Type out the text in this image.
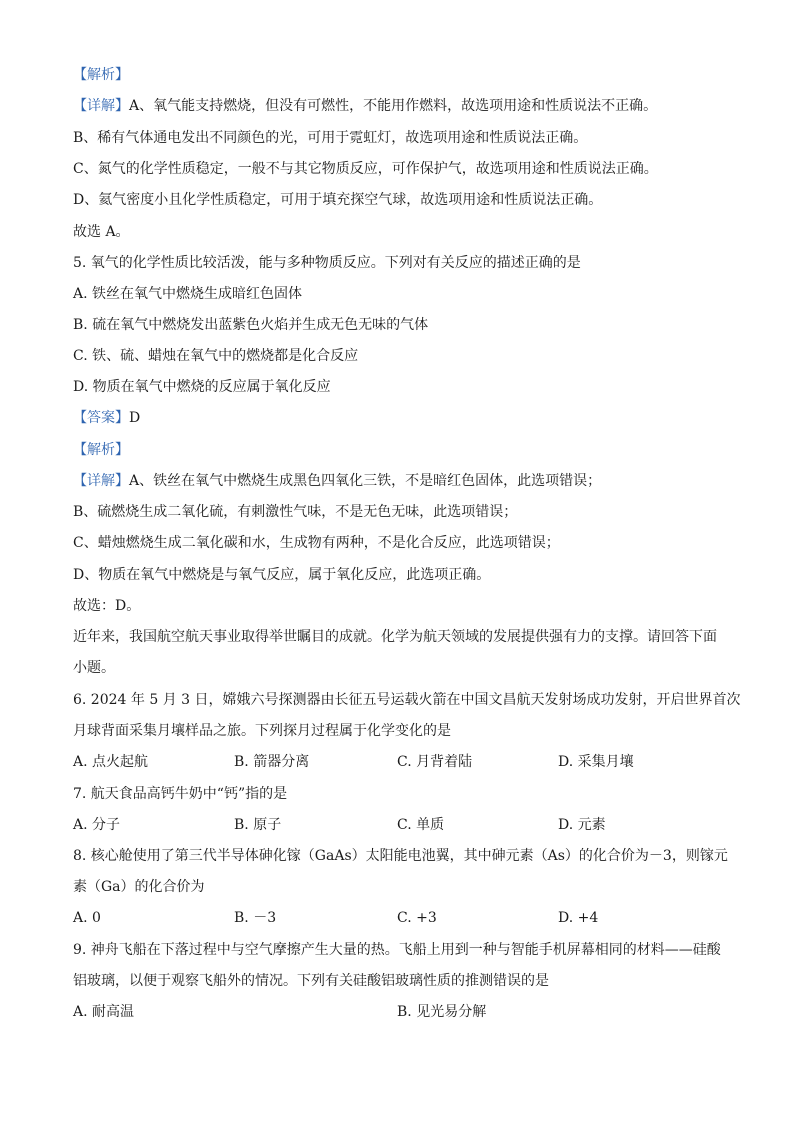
【解析】
【详解】A、氧气能支持燃烧，但没有可燃性，不能用作燃料，故选项用途和性质说法不正确。
B、稀有气体通电发出不同颜色的光，可用于霓虹灯，故选项用途和性质说法正确。
C、氮气的化学性质稳定，一般不与其它物质反应，可作保护气，故选项用途和性质说法正确。
D、氦气密度小且化学性质稳定，可用于填充探空气球，故选项用途和性质说法正确。
故选 A。
5. 氧气的化学性质比较活泼，能与多种物质反应。下列对有关反应的描述正确的是
A. 铁丝在氧气中燃烧生成暗红色固体
B. 硫在氧气中燃烧发出蓝紫色火焰并生成无色无味的气体
C. 铁、硫、蜡烛在氧气中的燃烧都是化合反应
D. 物质在氧气中燃烧的反应属于氧化反应
【答案】D
【解析】
【详解】A、铁丝在氧气中燃烧生成黑色四氧化三铁，不是暗红色固体，此选项错误；
B、硫燃烧生成二氧化硫，有刺激性气味，不是无色无味，此选项错误；
C、蜡烛燃烧生成二氧化碳和水，生成物有两种，不是化合反应，此选项错误；
D、物质在氧气中燃烧是与氧气反应，属于氧化反应，此选项正确。
故选：D。
近年来，我国航空航天事业取得举世瞩目的成就。化学为航天领域的发展提供强有力的支撑。请回答下面
小题。
6. 2024 年 5 月 3 日，嫦娥六号探测器由长征五号运载火箭在中国文昌航天发射场成功发射，开启世界首次
月球背面采集月壤样品之旅。下列探月过程属于化学变化的是
A. 点火起航	B. 箭器分离	C. 月背着陆	D. 采集月壤
7. 航天食品高钙牛奶中“钙”指的是
A. 分子	B. 原子	C. 单质	D. 元素
8. 核心舱使用了第三代半导体砷化镓（GaAs）太阳能电池翼，其中砷元素（As）的化合价为－3，则镓元
素（Ga）的化合价为
A. 0	B. －3	C. +3	D. +4
9. 神舟飞船在下落过程中与空气摩擦产生大量的热。飞船上用到一种与智能手机屏幕相同的材料——硅酸
铝玻璃，以便于观察飞船外的情况。下列有关硅酸铝玻璃性质的推测错误的是
A. 耐高温	B. 见光易分解
